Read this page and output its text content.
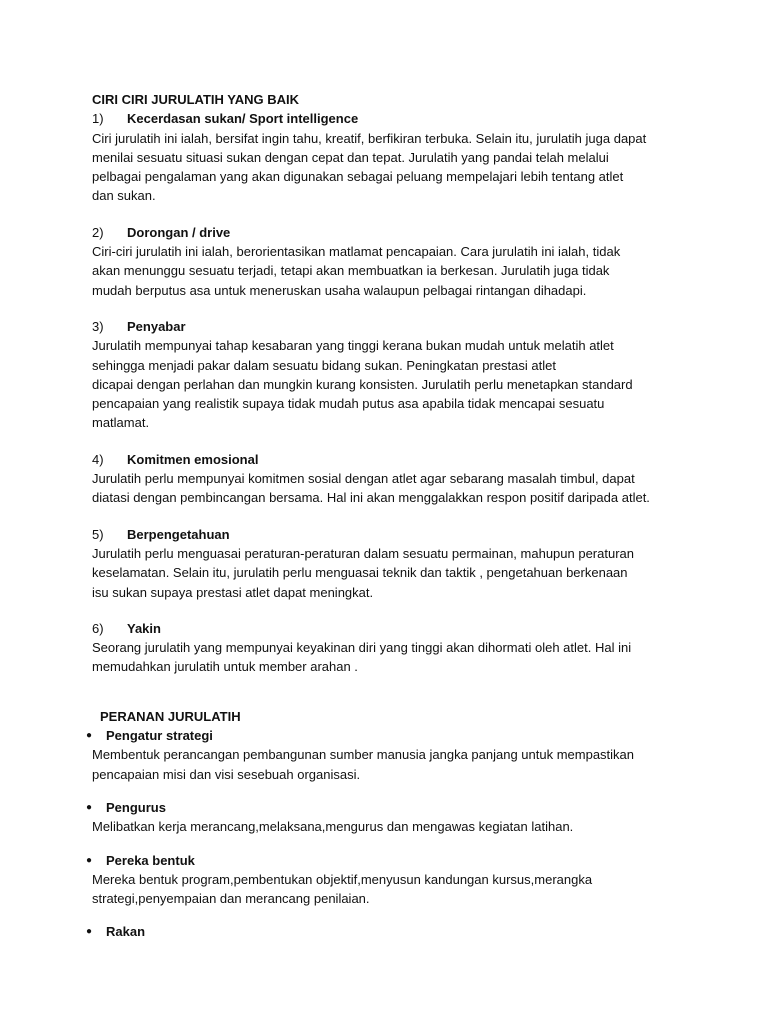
CIRI CIRI JURULATIH YANG BAIK
1)	Kecerdasan sukan/ Sport intelligence
Ciri jurulatih ini ialah, bersifat ingin tahu, kreatif, berfikiran terbuka. Selain itu, jurulatih juga dapat
menilai sesuatu situasi sukan dengan cepat dan tepat. Jurulatih yang pandai telah melalui
pelbagai pengalaman yang akan digunakan sebagai peluang mempelajari lebih tentang atlet
dan sukan.
2)	Dorongan / drive
Ciri-ciri jurulatih ini ialah, berorientasikan matlamat pencapaian. Cara jurulatih ini ialah, tidak
akan menunggu sesuatu terjadi, tetapi akan membuatkan ia berkesan. Jurulatih juga tidak
mudah berputus asa untuk meneruskan usaha walaupun pelbagai rintangan dihadapi.
3)	Penyabar
Jurulatih mempunyai tahap kesabaran yang tinggi kerana bukan mudah untuk melatih atlet
sehingga menjadi pakar dalam sesuatu bidang sukan. Peningkatan prestasi atlet
dicapai dengan perlahan dan mungkin kurang konsisten. Jurulatih perlu menetapkan standard
pencapaian yang realistik supaya tidak mudah putus asa apabila tidak mencapai sesuatu
matlamat.
4)	Komitmen emosional
Jurulatih perlu mempunyai komitmen sosial dengan atlet agar sebarang masalah timbul, dapat
diatasi dengan pembincangan bersama. Hal ini akan menggalakkan respon positif daripada atlet.
5)	Berpengetahuan
Jurulatih perlu menguasai peraturan-peraturan dalam sesuatu permainan, mahupun peraturan
keselamatan. Selain itu, jurulatih perlu menguasai teknik dan taktik , pengetahuan berkenaan
isu sukan supaya prestasi atlet dapat meningkat.
6)	Yakin
Seorang jurulatih yang mempunyai keyakinan diri yang tinggi akan dihormati oleh atlet. Hal ini
memudahkan jurulatih untuk member arahan .
PERANAN JURULATIH
●	Pengatur strategi
Membentuk perancangan pembangunan sumber manusia jangka panjang untuk mempastikan
pencapaian misi dan visi sesebuah organisasi.
●	Pengurus
Melibatkan kerja merancang,melaksana,mengurus dan mengawas kegiatan latihan.
●	Pereka bentuk
Mereka bentuk program,pembentukan objektif,menyusun kandungan kursus,merangka
strategi,penyempaian dan merancang penilaian.
●	Rakan
